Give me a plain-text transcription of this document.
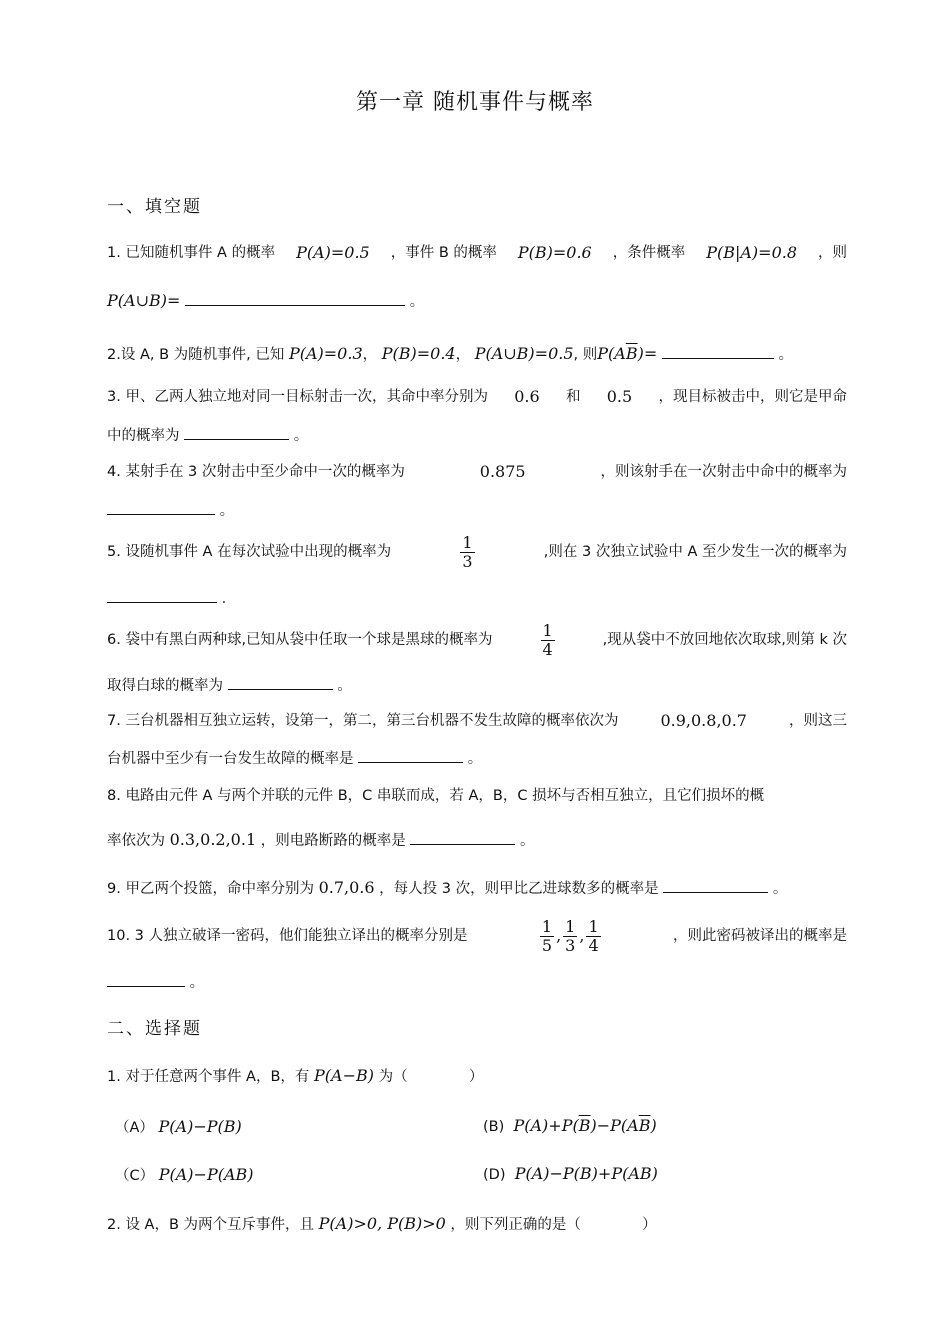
第一章 随机事件与概率
一、填空题
1. 已知随机事件 A 的概率 P(A)=0.5 ，事件 B 的概率 P(B)=0.6 ，条件概率 P(B|A)=0.8 ，则
P(A∪B)=	。
2.设 A, B 为随机事件, 已知 P(A)=0.3， P(B)=0.4， P(A∪B)=0.5, 则$P(A\overline{B})=$	。
3. 甲、乙两人独立地对同一目标射击一次，其命中率分别为 0.6 和 0.5 ，现目标被击中，则它是甲命
中的概率为	。
4. 某射手在 3 次射击中至少命中一次的概率为	0.875	，则该射手在一次射击中命中的概率为
。
5. 设随机事件 A 在每次试验中出现的概率为	$\frac{1}{3}$	,则在 3 次独立试验中 A 至少发生一次的概率为
.
6. 袋中有黑白两种球,已知从袋中任取一个球是黑球的概率为	$\frac{1}{4}$	,现从袋中不放回地依次取球,则第 k 次
取得白球的概率为	。
7. 三台机器相互独立运转，设第一，第二，第三台机器不发生故障的概率依次为	0.9,0.8,0.7	，则这三
台机器中至少有一台发生故障的概率是	。
8. 电路由元件 A 与两个并联的元件 B，C 串联而成，若 A，B，C 损坏与否相互独立，且它们损坏的概
率依次为 0.3,0.2,0.1 ，则电路断路的概率是	。
9. 甲乙两个投篮，命中率分别为 0.7,0.6 ，每人投 3 次，则甲比乙进球数多的概率是	。
10. 3 人独立破译一密码，他们能独立译出的概率分别是	$\frac{1}{5}$ , $\frac{1}{3}$ , $\frac{1}{4}$	，则此密码被译出的概率是
。
二、选择题
1. 对于任意两个事件 A，B，有 P(A−B) 为（	）
（A） P(A)−P(B)	(B) $P(A)+P(\overline{B})-P(A\overline{B})$
（C） P(A)−P(AB)	(D) P(A)−P(B)+P(AB)
2. 设 A，B 为两个互斥事件，且 P(A)>0, P(B)>0 ，则下列正确的是（	）
